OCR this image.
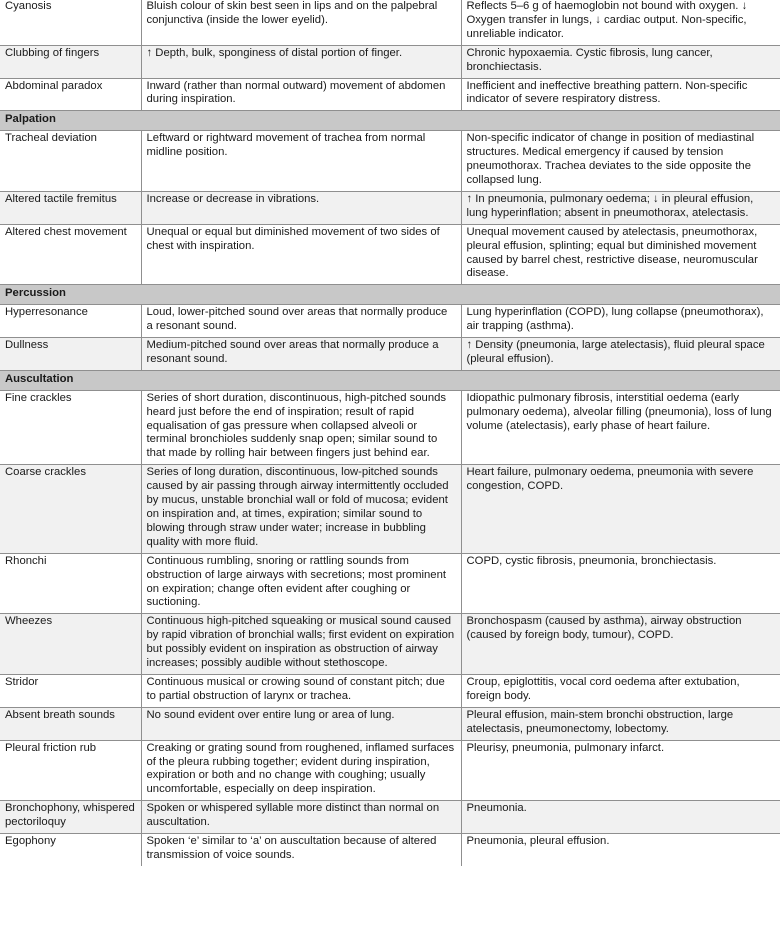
Cyanosis	Bluish colour of skin best seen in lips and on the palpebral conjunctiva (inside the lower eyelid).	Reflects 5–6 g of haemoglobin not bound with oxygen. ↓ Oxygen transfer in lungs, ↓ cardiac output. Non-specific, unreliable indicator.
Clubbing of fingers	↑ Depth, bulk, sponginess of distal portion of finger.	Chronic hypoxaemia. Cystic fibrosis, lung cancer, bronchiectasis.
Abdominal paradox	Inward (rather than normal outward) movement of abdomen during inspiration.	Inefficient and ineffective breathing pattern. Non-specific indicator of severe respiratory distress.
Palpation		
Tracheal deviation	Leftward or rightward movement of trachea from normal midline position.	Non-specific indicator of change in position of mediastinal structures. Medical emergency if caused by tension pneumothorax. Trachea deviates to the side opposite the collapsed lung.
Altered tactile fremitus	Increase or decrease in vibrations.	↑ In pneumonia, pulmonary oedema; ↓ in pleural effusion, lung hyperinflation; absent in pneumothorax, atelectasis.
Altered chest movement	Unequal or equal but diminished movement of two sides of chest with inspiration.	Unequal movement caused by atelectasis, pneumothorax, pleural effusion, splinting; equal but diminished movement caused by barrel chest, restrictive disease, neuromuscular disease.
Percussion		
Hyperresonance	Loud, lower-pitched sound over areas that normally produce a resonant sound.	Lung hyperinflation (COPD), lung collapse (pneumothorax), air trapping (asthma).
Dullness	Medium-pitched sound over areas that normally produce a resonant sound.	↑ Density (pneumonia, large atelectasis), fluid pleural space (pleural effusion).
Auscultation		
Fine crackles	Series of short duration, discontinuous, high-pitched sounds heard just before the end of inspiration; result of rapid equalisation of gas pressure when collapsed alveoli or terminal bronchioles suddenly snap open; similar sound to that made by rolling hair between fingers just behind ear.	Idiopathic pulmonary fibrosis, interstitial oedema (early pulmonary oedema), alveolar filling (pneumonia), loss of lung volume (atelectasis), early phase of heart failure.
Coarse crackles	Series of long duration, discontinuous, low-pitched sounds caused by air passing through airway intermittently occluded by mucus, unstable bronchial wall or fold of mucosa; evident on inspiration and, at times, expiration; similar sound to blowing through straw under water; increase in bubbling quality with more fluid.	Heart failure, pulmonary oedema, pneumonia with severe congestion, COPD.
Rhonchi	Continuous rumbling, snoring or rattling sounds from obstruction of large airways with secretions; most prominent on expiration; change often evident after coughing or suctioning.	COPD, cystic fibrosis, pneumonia, bronchiectasis.
Wheezes	Continuous high-pitched squeaking or musical sound caused by rapid vibration of bronchial walls; first evident on expiration but possibly evident on inspiration as obstruction of airway increases; possibly audible without stethoscope.	Bronchospasm (caused by asthma), airway obstruction (caused by foreign body, tumour), COPD.
Stridor	Continuous musical or crowing sound of constant pitch; due to partial obstruction of larynx or trachea.	Croup, epiglottitis, vocal cord oedema after extubation, foreign body.
Absent breath sounds	No sound evident over entire lung or area of lung.	Pleural effusion, main-stem bronchi obstruction, large atelectasis, pneumonectomy, lobectomy.
Pleural friction rub	Creaking or grating sound from roughened, inflamed surfaces of the pleura rubbing together; evident during inspiration, expiration or both and no change with coughing; usually uncomfortable, especially on deep inspiration.	Pleurisy, pneumonia, pulmonary infarct.
Bronchophony, whispered pectoriloquy	Spoken or whispered syllable more distinct than normal on auscultation.	Pneumonia.
Egophony	Spoken ‘e’ similar to ‘a’ on auscultation because of altered transmission of voice sounds.	Pneumonia, pleural effusion.
